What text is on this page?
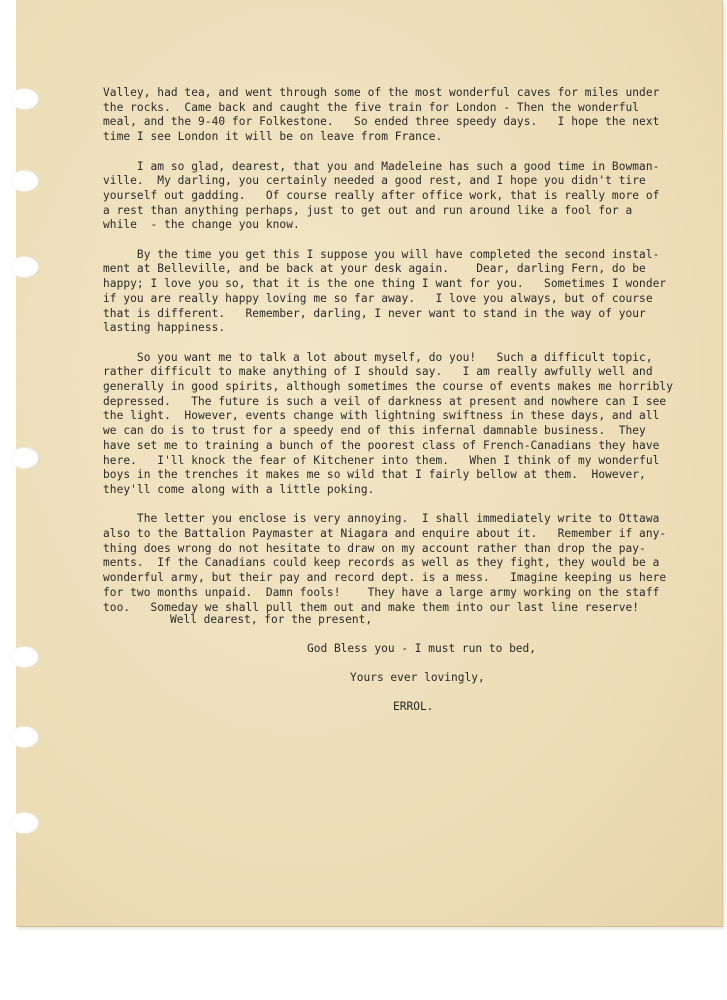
Valley, had tea, and went through some of the most wonderful caves for miles under
the rocks.  Came back and caught the five train for London - Then the wonderful
meal, and the 9-40 for Folkestone.   So ended three speedy days.   I hope the next
time I see London it will be on leave from France.
I am so glad, dearest, that you and Madeleine has such a good time in Bowman-
ville.  My darling, you certainly needed a good rest, and I hope you didn't tire
yourself out gadding.   Of course really after office work, that is really more of
a rest than anything perhaps, just to get out and run around like a fool for a
while  - the change you know.
By the time you get this I suppose you will have completed the second instal-
ment at Belleville, and be back at your desk again.    Dear, darling Fern, do be
happy; I love you so, that it is the one thing I want for you.   Sometimes I wonder
if you are really happy loving me so far away.   I love you always, but of course
that is different.   Remember, darling, I never want to stand in the way of your
lasting happiness.
So you want me to talk a lot about myself, do you!   Such a difficult topic,
rather difficult to make anything of I should say.   I am really awfully well and
generally in good spirits, although sometimes the course of events makes me horribly
depressed.   The future is such a veil of darkness at present and nowhere can I see
the light.  However, events change with lightning swiftness in these days, and all
we can do is to trust for a speedy end of this infernal damnable business.  They
have set me to training a bunch of the poorest class of French-Canadians they have
here.   I'll knock the fear of Kitchener into them.   When I think of my wonderful
boys in the trenches it makes me so wild that I fairly bellow at them.  However,
they'll come along with a little poking.
The letter you enclose is very annoying.  I shall immediately write to Ottawa
also to the Battalion Paymaster at Niagara and enquire about it.   Remember if any-
thing does wrong do not hesitate to draw on my account rather than drop the pay-
ments.  If the Canadians could keep records as well as they fight, they would be a
wonderful army, but their pay and record dept. is a mess.   Imagine keeping us here
for two months unpaid.  Damn fools!    They have a large army working on the staff
too.   Someday we shall pull them out and make them into our last line reserve!
Well dearest, for the present,
God Bless you - I must run to bed,
Yours ever lovingly,
ERROL.
